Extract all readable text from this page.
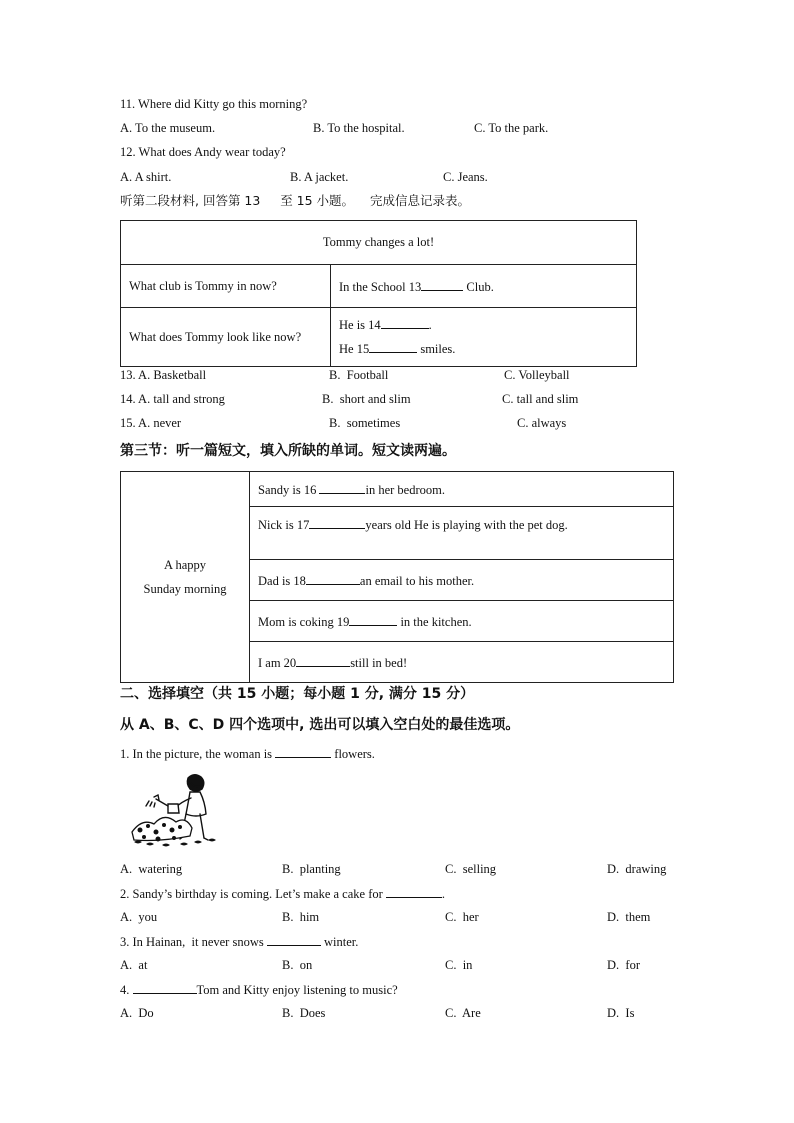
11. Where did Kitty go this morning?
A. To the museum.	B. To the hospital.	C. To the park.
12. What does Andy wear today?
A. A shirt.	B. A jacket.	C. Jeans.
听第二段材料, 回答第 13     至 15 小题。    完成信息记录表。
Tommy changes a lot!	
What club is Tommy in now?	In the School 13 Club.
What does Tommy look like now?	He is 14 .
He 15 smiles.
13. A. Basketball	B.  Football	C. Volleyball
14. A. tall and strong	B.  short and slim	C. tall and slim
15. A. never	B.  sometimes	C. always
第三节：听一篇短文，填入所缺的单词。短文读两遍。
A happy
Sunday morning
	Sandy is 16	in her bedroom.
Nick is 17	years old He is playing with the pet dog.
Dad is 18	an email to his mother.
Mom is coking 19	in the kitchen.
I am 20	still in bed!
二、选择填空（共 15 小题；每小题 1 分, 满分 15 分）
从 A、B、C、D 四个选项中, 选出可以填入空白处的最佳选项。
1. In the picture, the woman is	flowers.
A.  watering	B.  planting	C.  selling	D.  drawing
2. Sandy’s birthday is coming. Let’s make a cake for	.
A.  you	B.  him	C.  her	D.  them
3. In Hainan,  it never snows	winter.
A.  at	B.  on	C.  in	D.  for
4.	Tom and Kitty enjoy listening to music?
A.  Do	B.  Does	C.  Are	D.  Is
